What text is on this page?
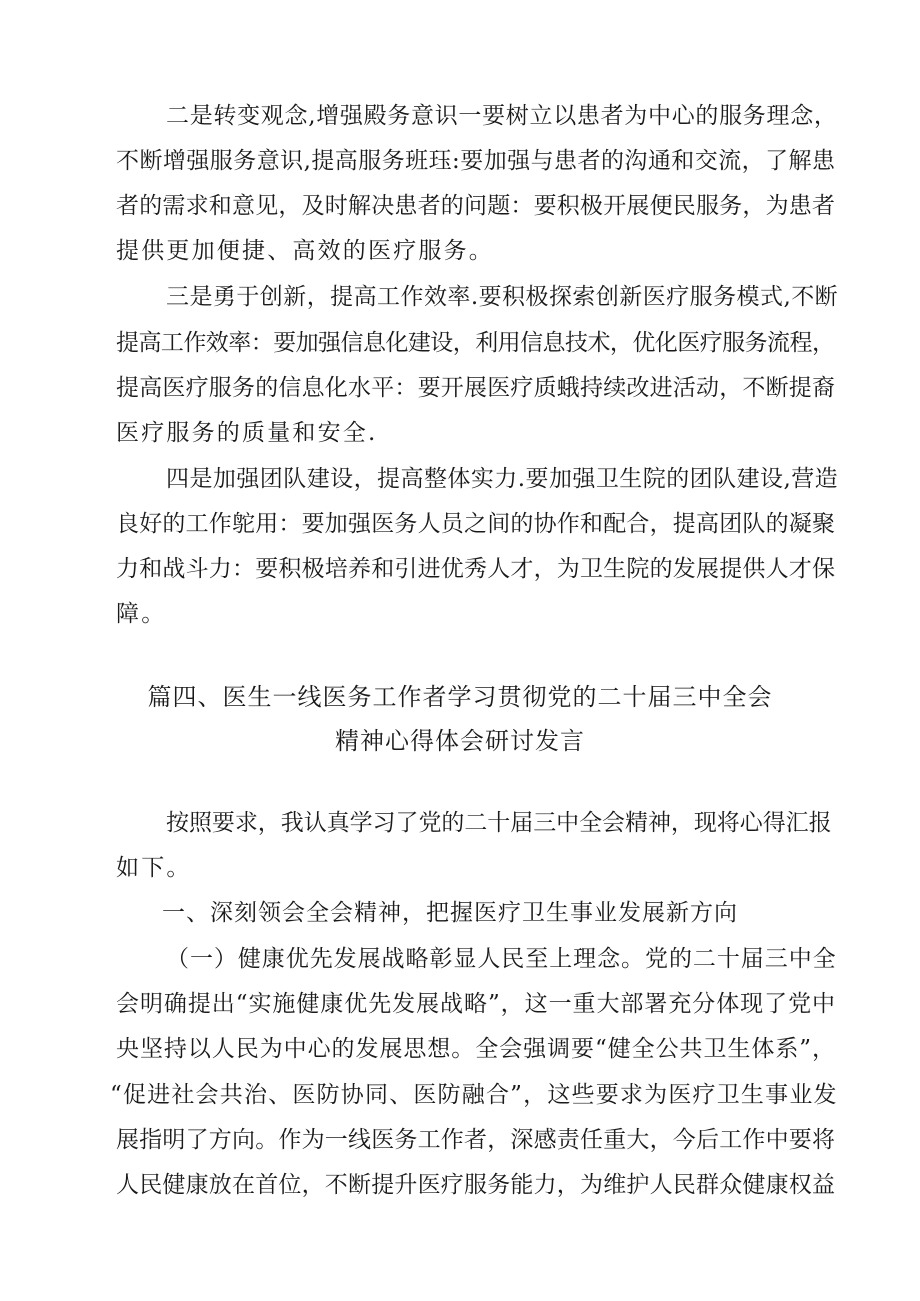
二是转变观念,增强殿务意识一要树立以患者为中心的服务理念，
不断增强服务意识,提高服务班珏:要加强与患者的沟通和交流，了解患
者的需求和意见，及时解决患者的问题：要积极开展便民服务，为患者
提供更加便捷、高效的医疗服务。
三是勇于创新，提高工作效率.要积极探索创新医疗服务模式,不断
提高工作效率：要加强信息化建设，利用信息技术，优化医疗服务流程，
提高医疗服务的信息化水平：要开展医疗质蛾持续改进活动，不断提裔
医疗服务的质量和安全.
四是加强团队建设，提高整体实力.要加强卫生院的团队建设,营造
良好的工作鸵用：要加强医务人员之间的协作和配合，提高团队的凝聚
力和战斗力：要积极培养和引进优秀人才，为卫生院的发展提供人才保
障。
篇四、医生一线医务工作者学习贯彻党的二十届三中全会
精神心得体会研讨发言
按照要求，我认真学习了党的二十届三中全会精神，现将心得汇报
如下。
一、深刻领会全会精神，把握医疗卫生事业发展新方向
（一）健康优先发展战略彰显人民至上理念。党的二十届三中全
会明确提出“实施健康优先发展战略”，这一重大部署充分体现了党中
央坚持以人民为中心的发展思想。全会强调要“健全公共卫生体系”，
“促进社会共治、医防协同、医防融合”，这些要求为医疗卫生事业发
展指明了方向。作为一线医务工作者，深感责任重大，今后工作中要将
人民健康放在首位，不断提升医疗服务能力，为维护人民群众健康权益
